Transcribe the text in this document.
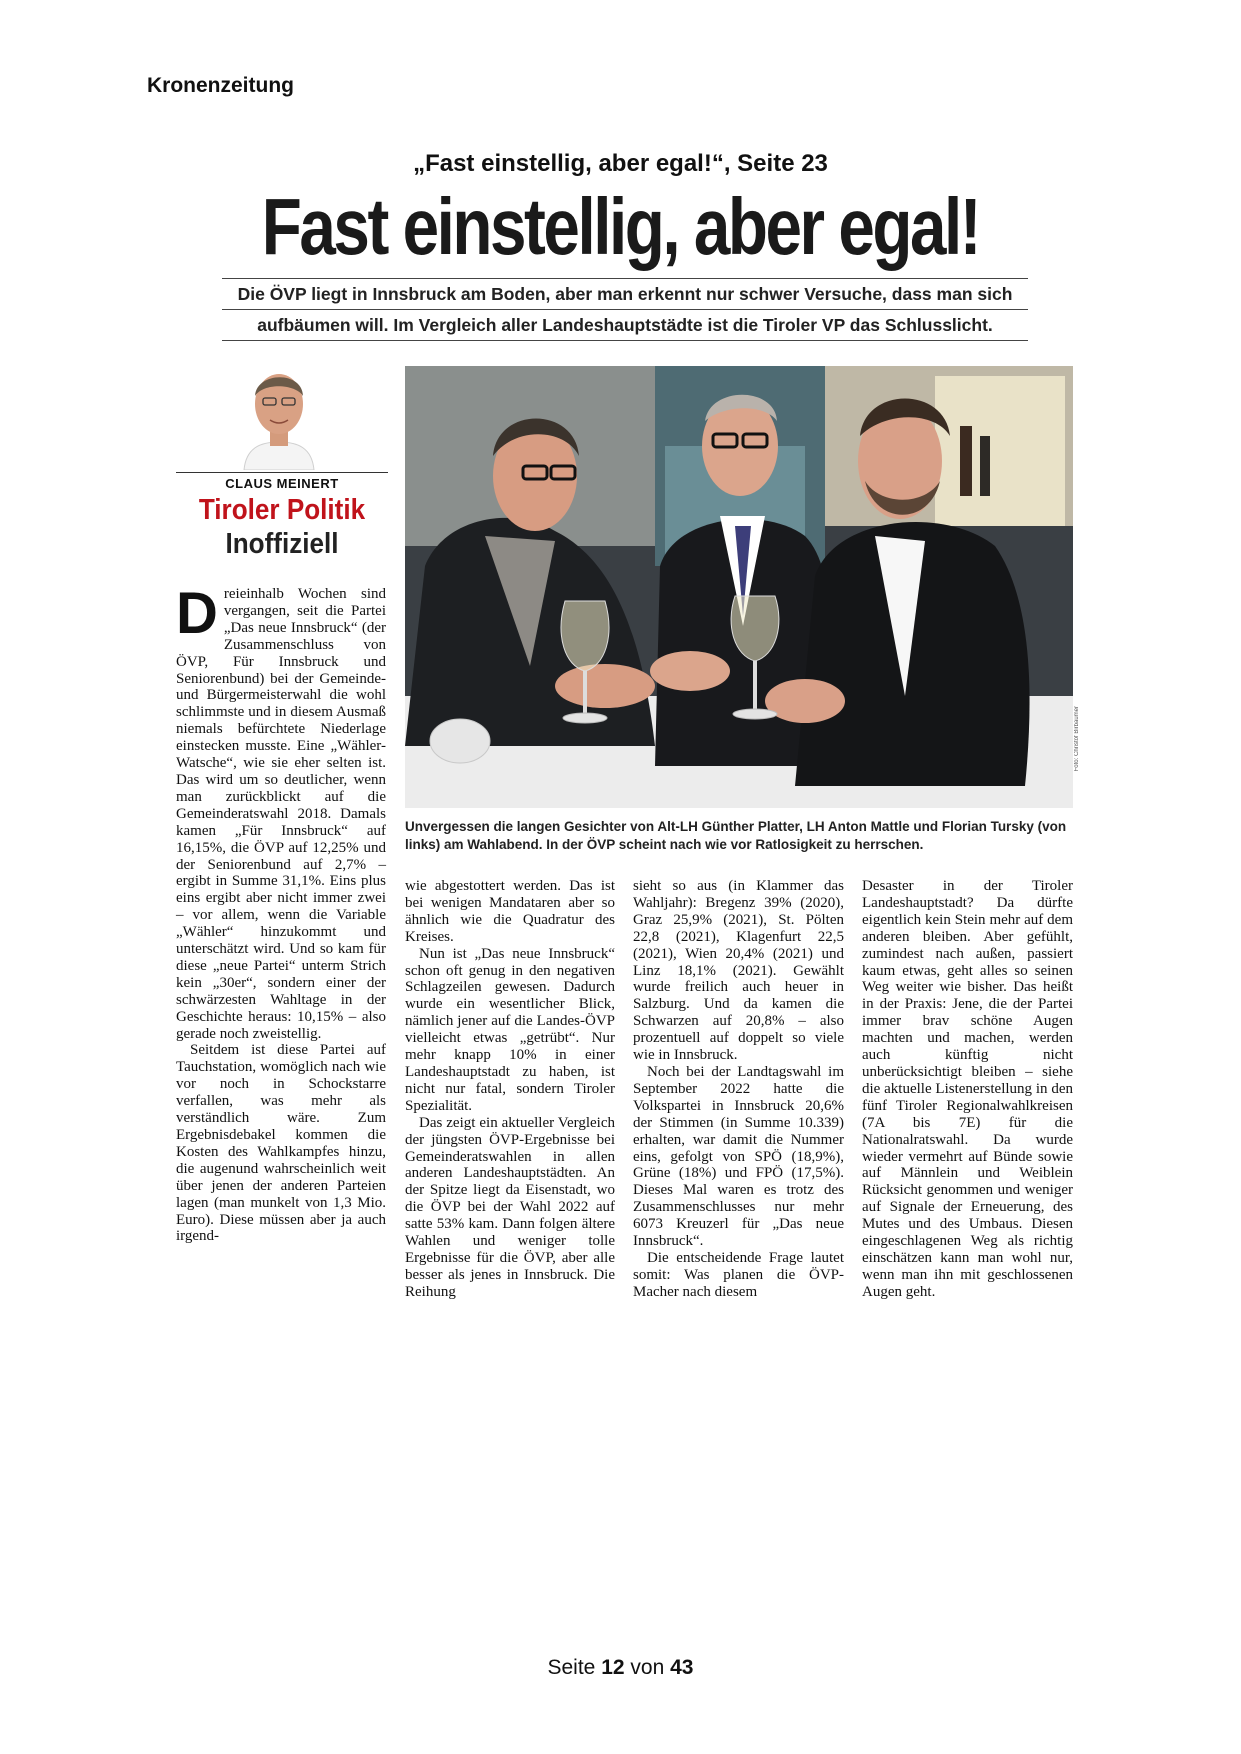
Kronenzeitung
„Fast einstellig, aber egal!“, Seite 23
Fast einstellig, aber egal!
Die ÖVP liegt in Innsbruck am Boden, aber man erkennt nur schwer Versuche, dass man sich
aufbäumen will. Im Vergleich aller Landeshauptstädte ist die Tiroler VP das Schlusslicht.
CLAUS MEINERT
Tiroler Politik
Inoffiziell
Foto: Christof Birbaumer
Unvergessen die langen Gesichter von Alt-LH Günther Platter, LH Anton Mattle und Florian Tursky (von links) am Wahlabend. In der ÖVP scheint nach wie vor Ratlosigkeit zu herrschen.

Dreieinhalb Wochen sind vergangen, seit die Partei „Das neue Innsbruck“ (der Zusammenschluss von ÖVP, Für Innsbruck und Seniorenbund) bei der Gemeinde- und Bürgermeisterwahl die wohl schlimmste und in diesem Ausmaß niemals befürchtete Niederlage einstecken musste. Eine „Wähler-Watsche“, wie sie eher selten ist. Das wird um so deutlicher, wenn man zurückblickt auf die Gemeinderatswahl 2018. Damals kamen „Für Innsbruck“ auf 16,15%, die ÖVP auf 12,25% und der Seniorenbund auf 2,7% – ergibt in Summe 31,1%. Eins plus eins ergibt aber nicht immer zwei – vor allem, wenn die Variable „Wähler“ hinzukommt und unterschätzt wird. Und so kam für diese „neue Partei“ unterm Strich kein „30er“, sondern einer der schwärzesten Wahltage in der Geschichte heraus: 10,15% – also gerade noch zweistellig.

Seitdem ist diese Partei auf Tauchstation, womöglich nach wie vor noch in Schockstarre verfallen, was mehr als verständlich wäre. Zum Ergebnisdebakel kommen die Kosten des Wahlkampfes hinzu, die augenund wahrscheinlich weit über jenen der anderen Parteien lagen (man munkelt von 1,3 Mio. Euro). Diese müssen aber ja auch irgend-

wie abgestottert werden. Das ist bei wenigen Mandataren aber so ähnlich wie die Quadratur des Kreises.

Nun ist „Das neue Innsbruck“ schon oft genug in den negativen Schlagzeilen gewesen. Dadurch wurde ein wesentlicher Blick, nämlich jener auf die Landes-ÖVP vielleicht etwas „getrübt“. Nur mehr knapp 10% in einer Landeshauptstadt zu haben, ist nicht nur fatal, sondern Tiroler Spezialität.

Das zeigt ein aktueller Vergleich der jüngsten ÖVP-Ergebnisse bei Gemeinderatswahlen in allen anderen Landeshauptstädten. An der Spitze liegt da Eisenstadt, wo die ÖVP bei der Wahl 2022 auf satte 53% kam. Dann folgen ältere Wahlen und weniger tolle Ergebnisse für die ÖVP, aber alle besser als jenes in Innsbruck. Die Reihung

sieht so aus (in Klammer das Wahljahr): Bregenz 39% (2020), Graz 25,9% (2021), St. Pölten 22,8 (2021), Klagenfurt 22,5 (2021), Wien 20,4% (2021) und Linz 18,1% (2021). Gewählt wurde freilich auch heuer in Salzburg. Und da kamen die Schwarzen auf 20,8% – also prozentuell auf doppelt so viele wie in Innsbruck.

Noch bei der Landtagswahl im September 2022 hatte die Volkspartei in Innsbruck 20,6% der Stimmen (in Summe 10.339) erhalten, war damit die Nummer eins, gefolgt von SPÖ (18,9%), Grüne (18%) und FPÖ (17,5%). Dieses Mal waren es trotz des Zusammenschlusses nur mehr 6073 Kreuzerl für „Das neue Innsbruck“.

Die entscheidende Frage lautet somit: Was planen die ÖVP-Macher nach diesem

Desaster in der Tiroler Landeshauptstadt? Da dürfte eigentlich kein Stein mehr auf dem anderen bleiben. Aber gefühlt, zumindest nach außen, passiert kaum etwas, geht alles so seinen Weg weiter wie bisher. Das heißt in der Praxis: Jene, die der Partei immer brav schöne Augen machten und machen, werden auch künftig nicht unberücksichtigt bleiben – siehe die aktuelle Listenerstellung in den fünf Tiroler Regionalwahlkreisen (7A bis 7E) für die Nationalratswahl. Da wurde wieder vermehrt auf Bünde sowie auf Männlein und Weiblein Rücksicht genommen und weniger auf Signale der Erneuerung, des Mutes und des Umbaus. Diesen eingeschlagenen Weg als richtig einschätzen kann man wohl nur, wenn man ihn mit geschlossenen Augen geht.

Seite 12 von 43
